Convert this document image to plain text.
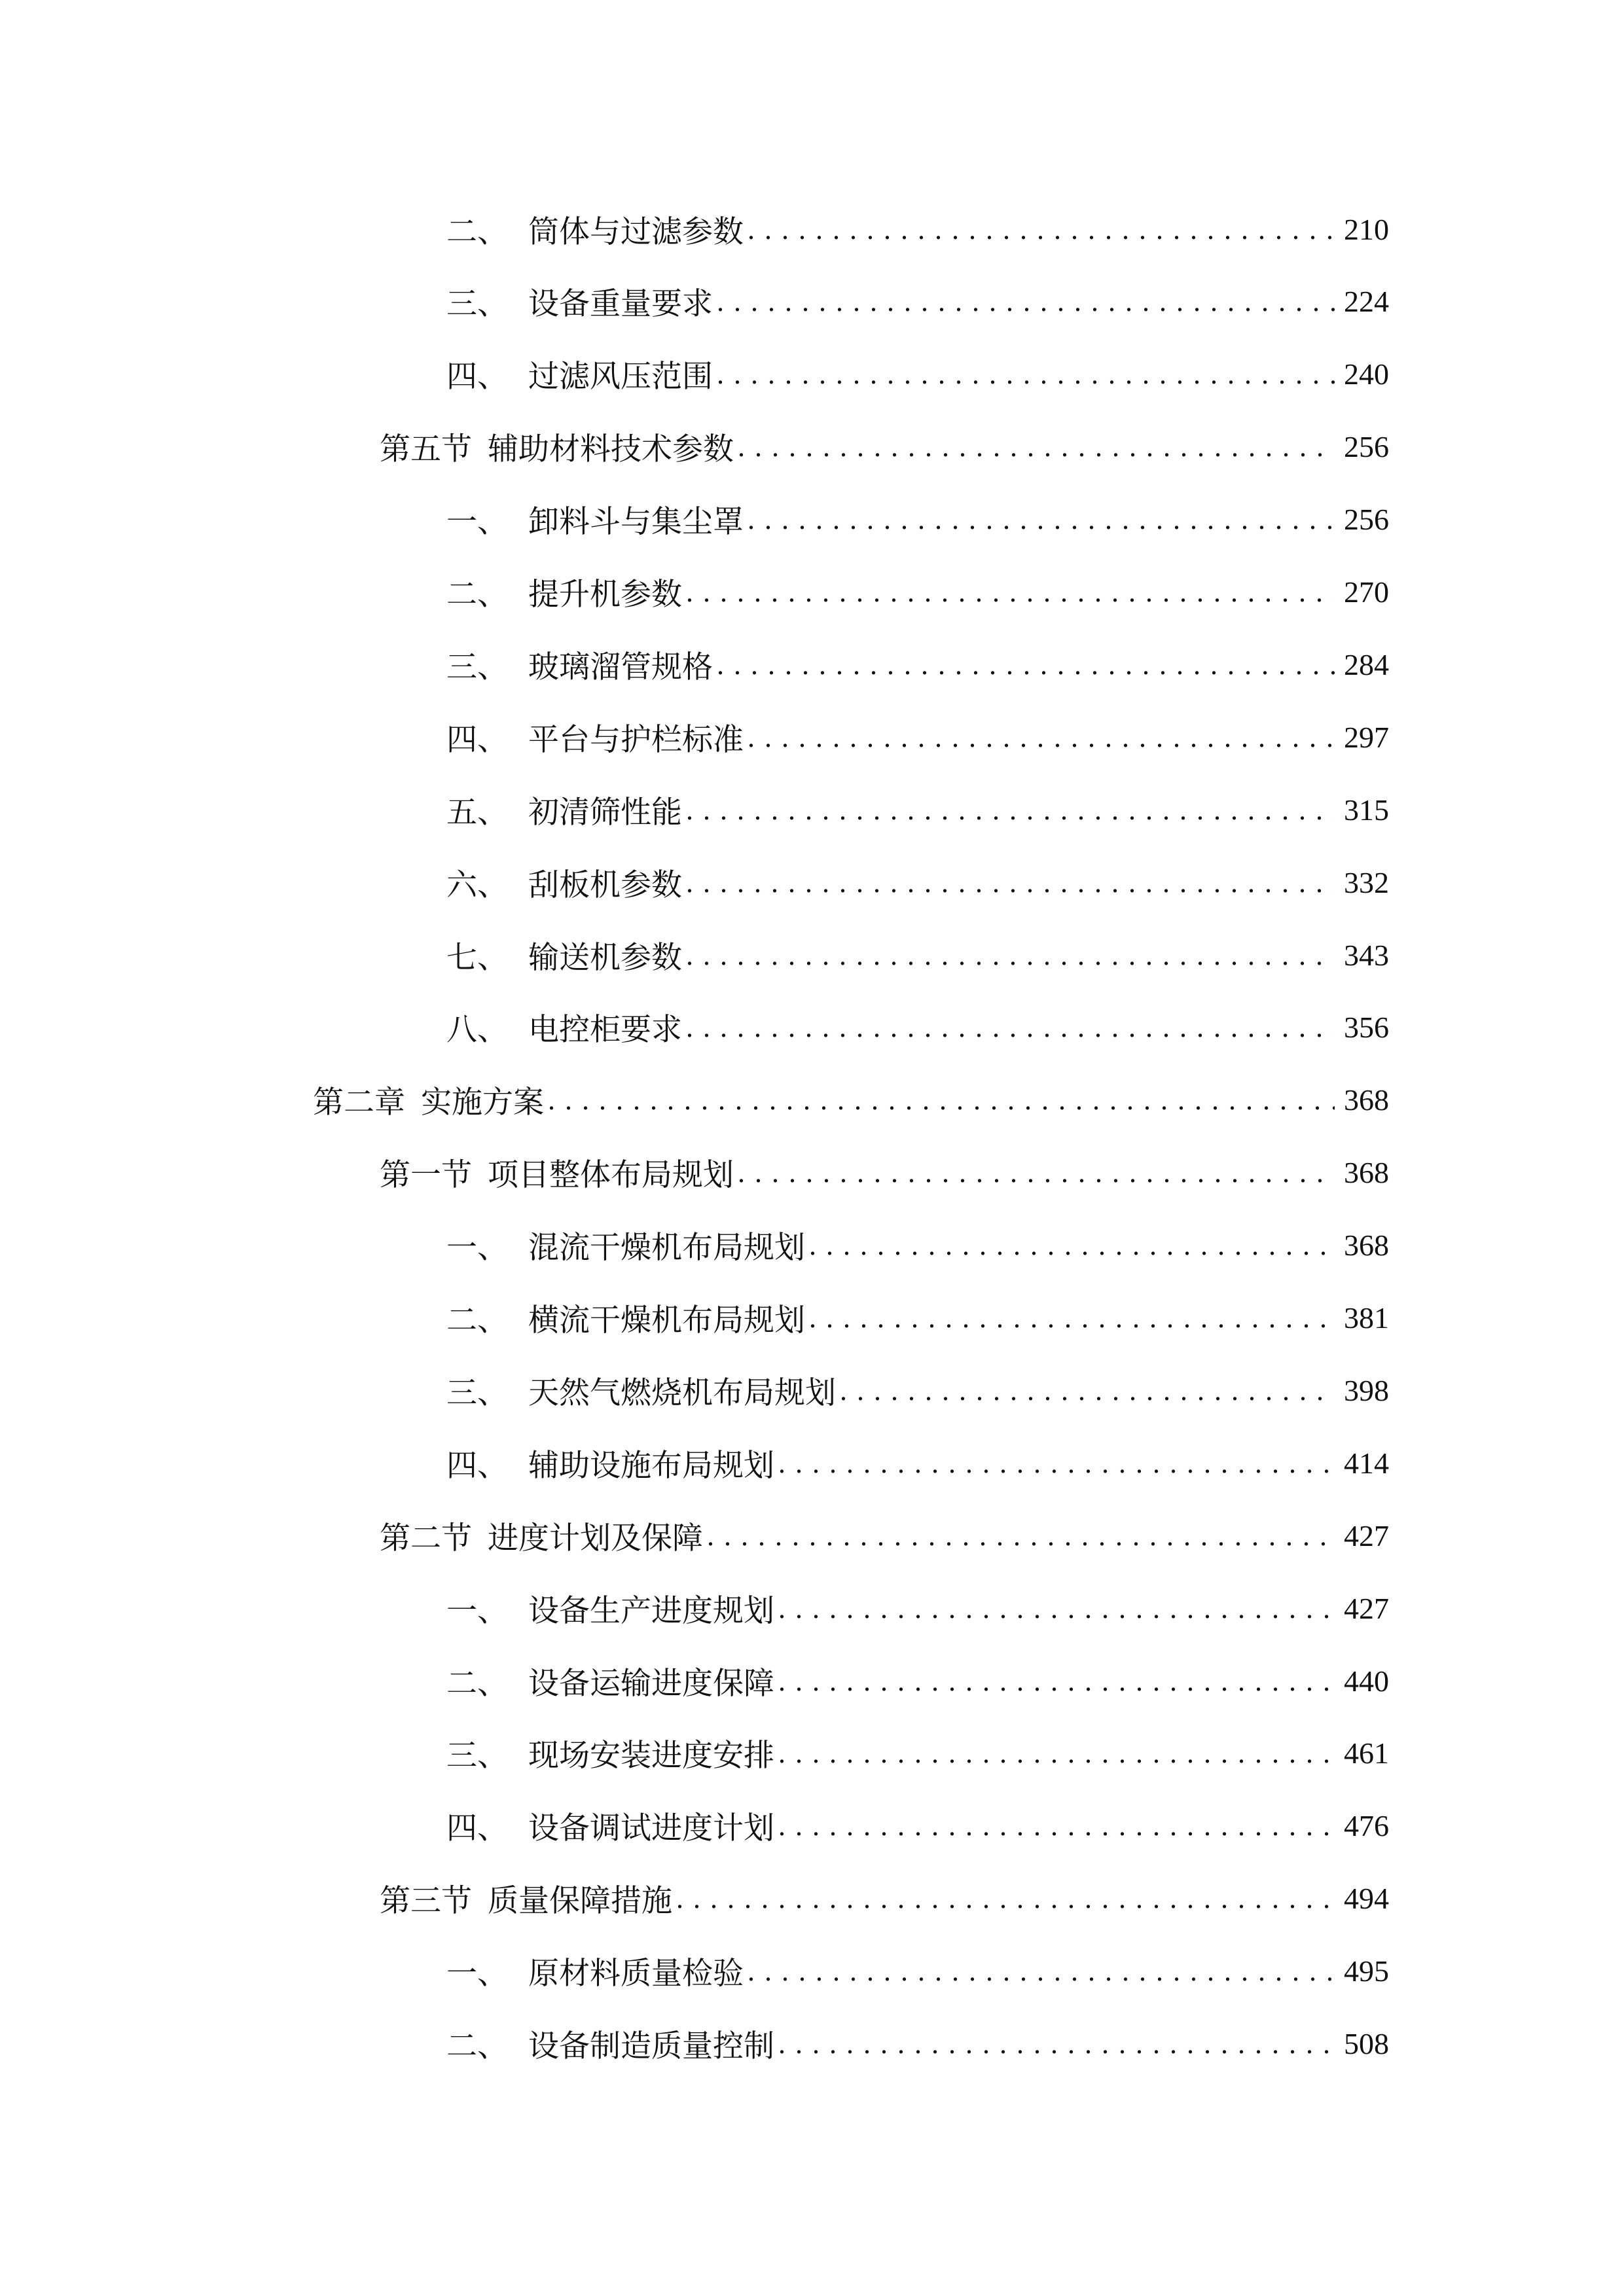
二、 筒体与过滤参数 . . .	210
三、 设备重量要求 . . .	224
四、 过滤风压范围 . . .	240
第五节 辅助材料技术参数 . . .	256
一、 卸料斗与集尘罩 . . .	256
二、 提升机参数 . . .	270
三、 玻璃溜管规格 . . .	284
四、 平台与护栏标准 . . .	297
五、 初清筛性能 . . .	315
六、 刮板机参数 . . .	332
七、 输送机参数 . . .	343
八、 电控柜要求 . . .	356
第二章 实施方案 . . .	368
第一节 项目整体布局规划 . . .	368
一、 混流干燥机布局规划 . . .	368
二、 横流干燥机布局规划 . . .	381
三、 天然气燃烧机布局规划 . . .	398
四、 辅助设施布局规划 . . .	414
第二节 进度计划及保障 . . .	427
一、 设备生产进度规划 . . .	427
二、 设备运输进度保障 . . .	440
三、 现场安装进度安排 . . .	461
四、 设备调试进度计划 . . .	476
第三节 质量保障措施 . . .	494
一、 原材料质量检验 . . .	495
二、 设备制造质量控制 . . .	508
